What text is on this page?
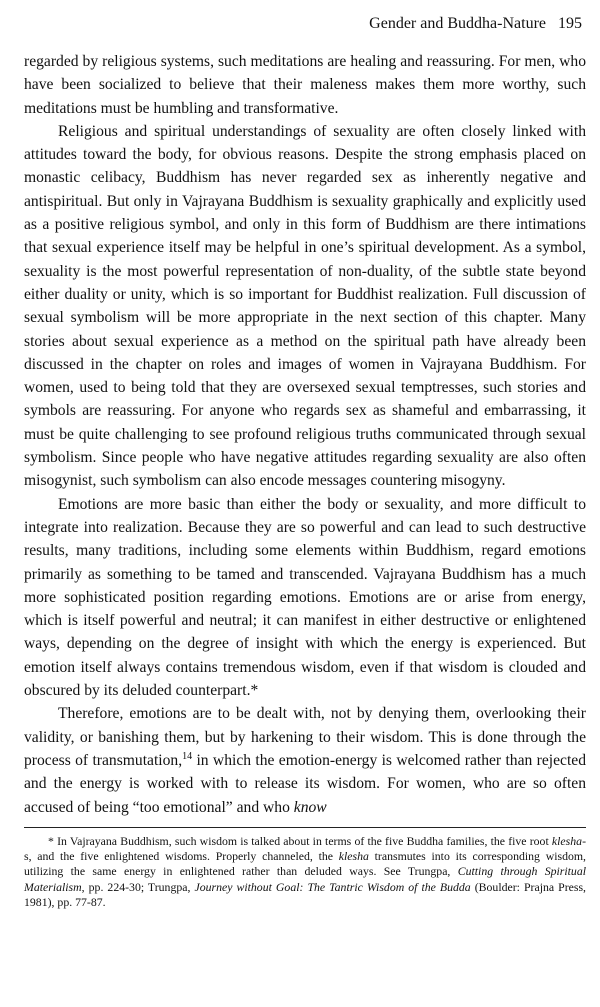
Gender and Buddha-Nature 195

regarded by religious systems, such meditations are healing and reassuring. For men, who have been socialized to believe that their maleness makes them more worthy, such meditations must be humbling and transformative.

Religious and spiritual understandings of sexuality are often closely linked with attitudes toward the body, for obvious reasons. Despite the strong emphasis placed on monastic celibacy, Buddhism has never regarded sex as inherently negative and antispiritual. But only in Vajrayana Buddhism is sexuality graphically and explicitly used as a positive religious symbol, and only in this form of Buddhism are there intimations that sexual experience itself may be helpful in one’s spiritual development. As a symbol, sexuality is the most powerful representation of non-duality, of the subtle state beyond either duality or unity, which is so important for Buddhist realization. Full discussion of sexual symbolism will be more appropriate in the next section of this chapter. Many stories about sexual experience as a method on the spiritual path have already been discussed in the chapter on roles and images of women in Vajrayana Buddhism. For women, used to being told that they are oversexed sexual temptresses, such stories and symbols are reassuring. For anyone who regards sex as shameful and embarrassing, it must be quite challenging to see profound religious truths communicated through sexual symbolism. Since people who have negative attitudes regarding sexuality are also often misogynist, such symbolism can also encode messages countering misogyny.

Emotions are more basic than either the body or sexuality, and more difficult to integrate into realization. Because they are so powerful and can lead to such destructive results, many traditions, including some elements within Buddhism, regard emotions primarily as something to be tamed and transcended. Vajrayana Buddhism has a much more sophisticated position regarding emotions. Emotions are or arise from energy, which is itself powerful and neutral; it can manifest in either destructive or enlightened ways, depending on the degree of insight with which the energy is experienced. But emotion itself always contains tremendous wisdom, even if that wisdom is clouded and obscured by its deluded counterpart.*

Therefore, emotions are to be dealt with, not by denying them, overlooking their validity, or banishing them, but by harkening to their wisdom. This is done through the process of transmutation,$^{14}$ in which the emotion-energy is welcomed rather than rejected and the energy is worked with to release its wisdom. For women, who are so often accused of being “too emotional” and who know

* In Vajrayana Buddhism, such wisdom is talked about in terms of the five Buddha families, the five root klesha-s, and the five enlightened wisdoms. Properly channeled, the klesha transmutes into its corresponding wisdom, utilizing the same energy in enlightened rather than deluded ways. See Trungpa, Cutting through Spiritual Materialism, pp. 224-30; Trungpa, Journey without Goal: The Tantric Wisdom of the Budda (Boulder: Prajna Press, 1981), pp. 77-87.
